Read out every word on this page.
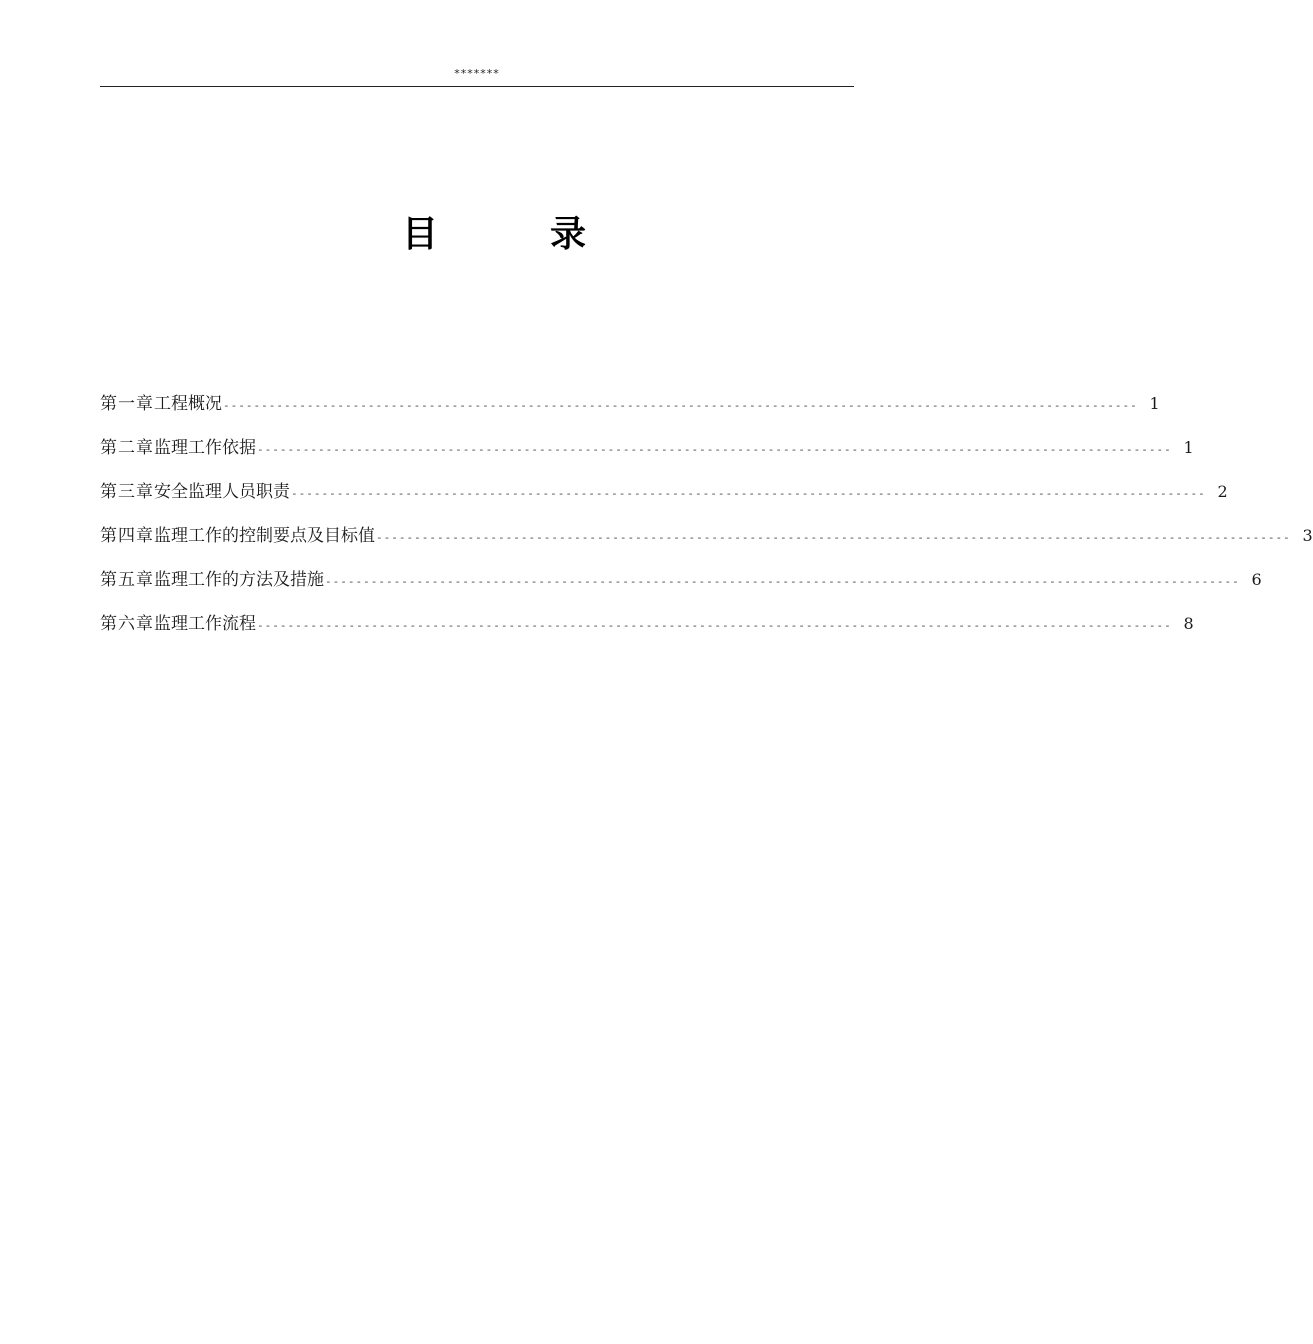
*******
目　录
第一章 工程概况 ------------------------------------------------------------------------------------------------------------------------ 1
第二章 监理工作依据 ------------------------------------------------------------------------------------------------------------------------ 1
第三章 安全监理人员职责 ------------------------------------------------------------------------------------------------------------------------ 2
第四章 监理工作的控制要点及目标值 ------------------------------------------------------------------------------------------------------------------------ 3
第五章 监理工作的方法及措施 ------------------------------------------------------------------------------------------------------------------------ 6
第六章 监理工作流程 ------------------------------------------------------------------------------------------------------------------------ 8
